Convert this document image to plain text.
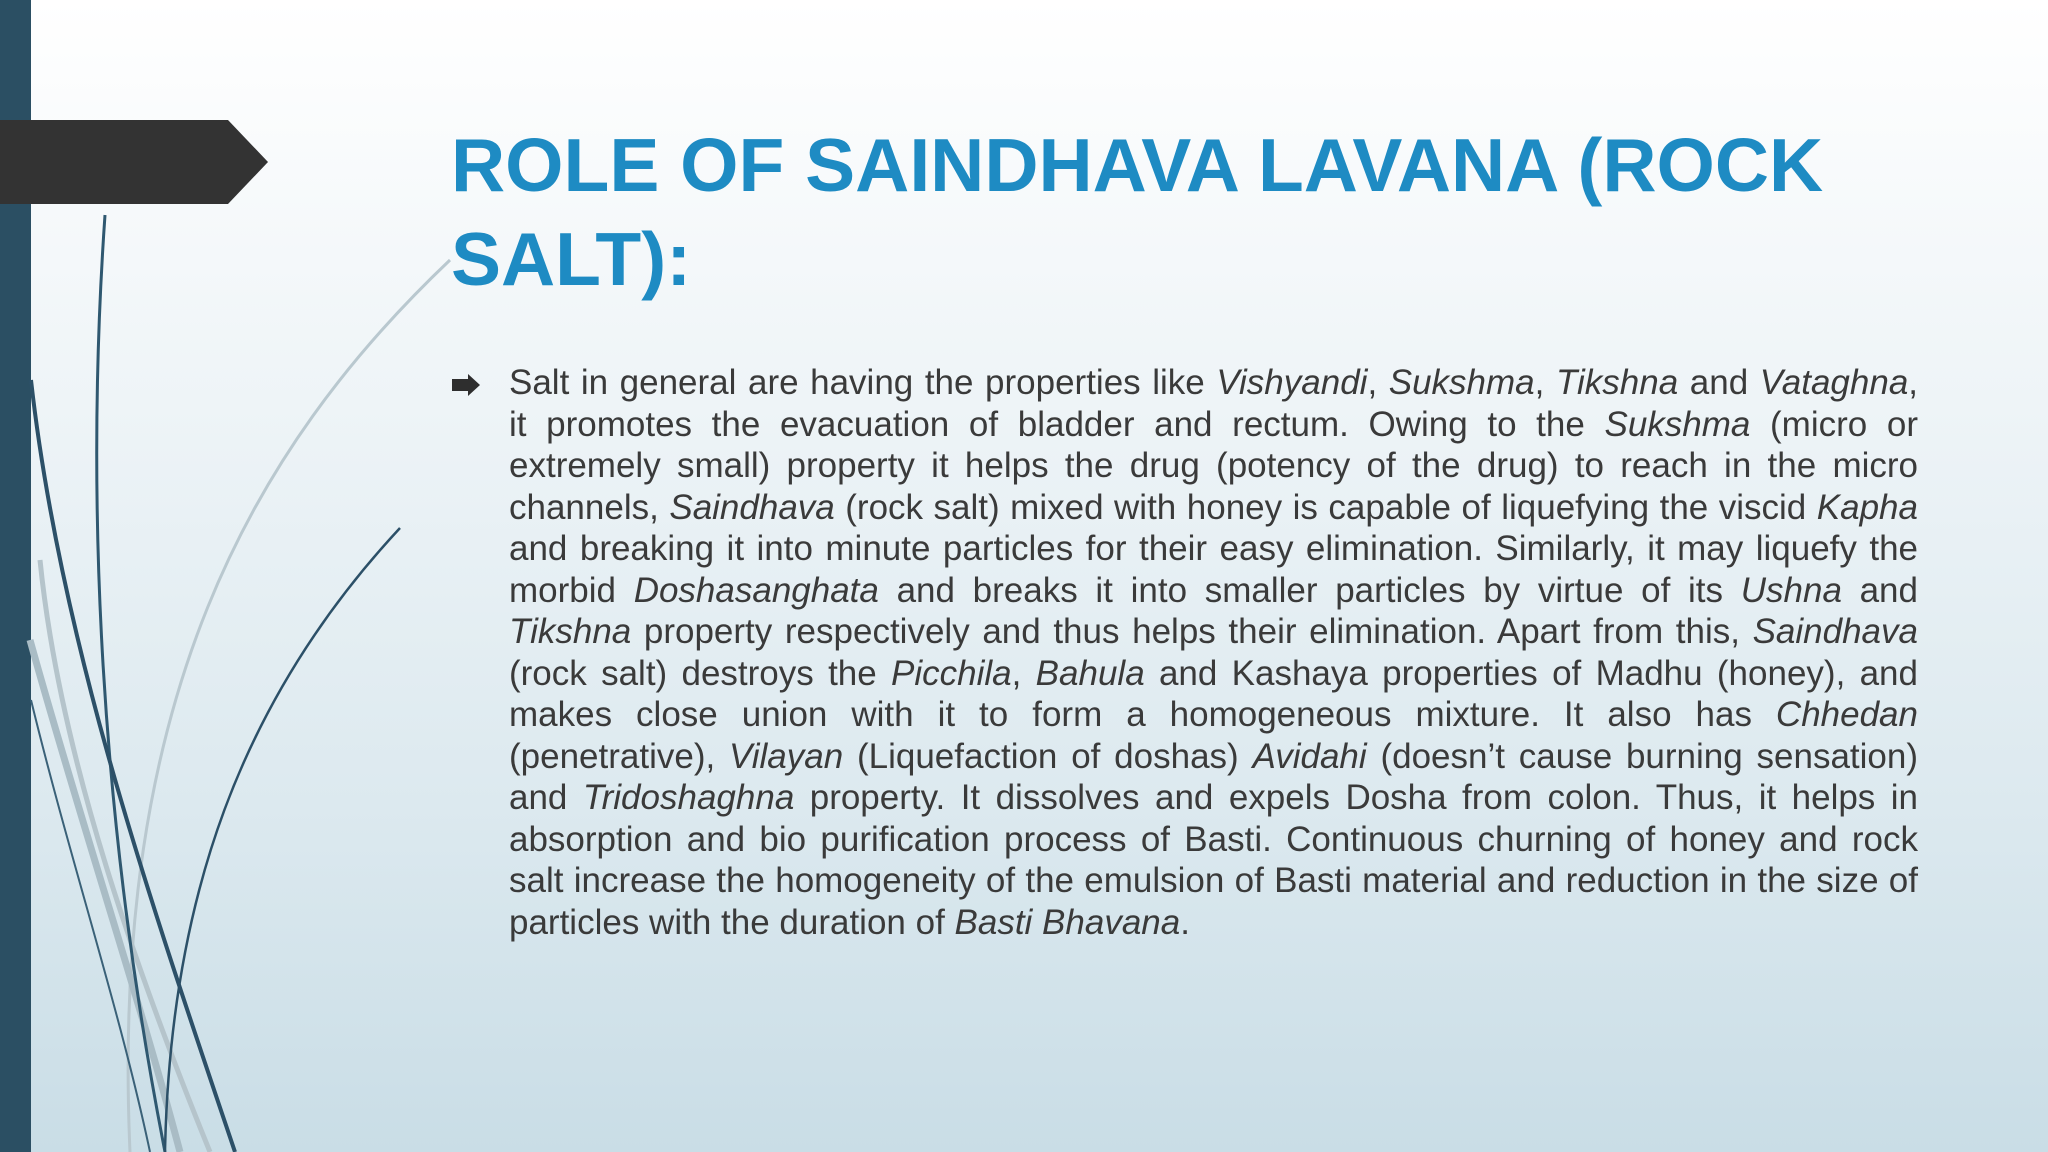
ROLE OF SAINDHAVA LAVANA (ROCK SALT):

Salt in general are having the properties like Vishyandi, Sukshma, Tikshna and Vataghna, it promotes the evacuation of bladder and rectum. Owing to the Sukshma (micro or extremely small) property it helps the drug (potency of the drug) to reach in the micro channels, Saindhava (rock salt) mixed with honey is capable of liquefying the viscid Kapha and breaking it into minute particles for their easy elimination. Similarly, it may liquefy the morbid Doshasanghata and breaks it into smaller particles by virtue of its Ushna and Tikshna property respectively and thus helps their elimination. Apart from this, Saindhava (rock salt) destroys the Picchila, Bahula and Kashaya properties of Madhu (honey), and makes close union with it to form a homogeneous mixture. It also has Chhedan (penetrative), Vilayan (Liquefaction of doshas) Avidahi (doesn’t cause burning sensation) and Tridoshaghna property. It dissolves and expels Dosha from colon. Thus, it helps in absorption and bio purification process of Basti. Continuous churning of honey and rock salt increase the homogeneity of the emulsion of Basti material and reduction in the size of particles with the duration of Basti Bhavana.
